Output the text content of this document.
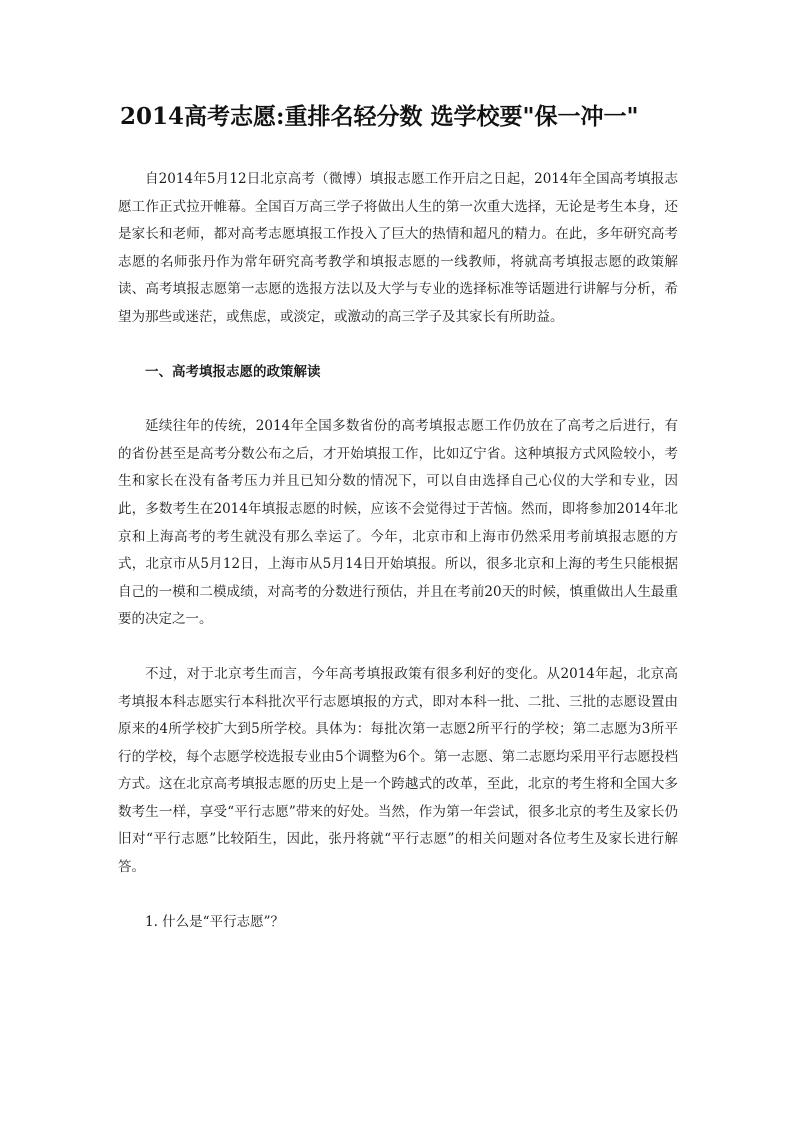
2014高考志愿:重排名轻分数 选学校要"保一冲一"

自2014年5月12日北京高考（微博）填报志愿工作开启之日起，2014年全国高考填报志愿工作正式拉开帷幕。全国百万高三学子将做出人生的第一次重大选择，无论是考生本身，还是家长和老师，都对高考志愿填报工作投入了巨大的热情和超凡的精力。在此，多年研究高考志愿的名师张丹作为常年研究高考教学和填报志愿的一线教师，将就高考填报志愿的政策解读、高考填报志愿第一志愿的选报方法以及大学与专业的选择标准等话题进行讲解与分析，希望为那些或迷茫，或焦虑，或淡定，或激动的高三学子及其家长有所助益。

一、高考填报志愿的政策解读

延续往年的传统，2014年全国多数省份的高考填报志愿工作仍放在了高考之后进行，有的省份甚至是高考分数公布之后，才开始填报工作，比如辽宁省。这种填报方式风险较小，考生和家长在没有备考压力并且已知分数的情况下，可以自由选择自己心仪的大学和专业，因此，多数考生在2014年填报志愿的时候，应该不会觉得过于苦恼。然而，即将参加2014年北京和上海高考的考生就没有那么幸运了。今年，北京市和上海市仍然采用考前填报志愿的方式，北京市从5月12日，上海市从5月14日开始填报。所以，很多北京和上海的考生只能根据自己的一模和二模成绩，对高考的分数进行预估，并且在考前20天的时候，慎重做出人生最重要的决定之一。

不过，对于北京考生而言，今年高考填报政策有很多利好的变化。从2014年起，北京高考填报本科志愿实行本科批次平行志愿填报的方式，即对本科一批、二批、三批的志愿设置由原来的4所学校扩大到5所学校。具体为：每批次第一志愿2所平行的学校；第二志愿为3所平行的学校，每个志愿学校选报专业由5个调整为6个。第一志愿、第二志愿均采用平行志愿投档方式。这在北京高考填报志愿的历史上是一个跨越式的改革，至此，北京的考生将和全国大多数考生一样，享受“平行志愿”带来的好处。当然，作为第一年尝试，很多北京的考生及家长仍旧对“平行志愿”比较陌生，因此，张丹将就“平行志愿”的相关问题对各位考生及家长进行解答。

1. 什么是“平行志愿”？
